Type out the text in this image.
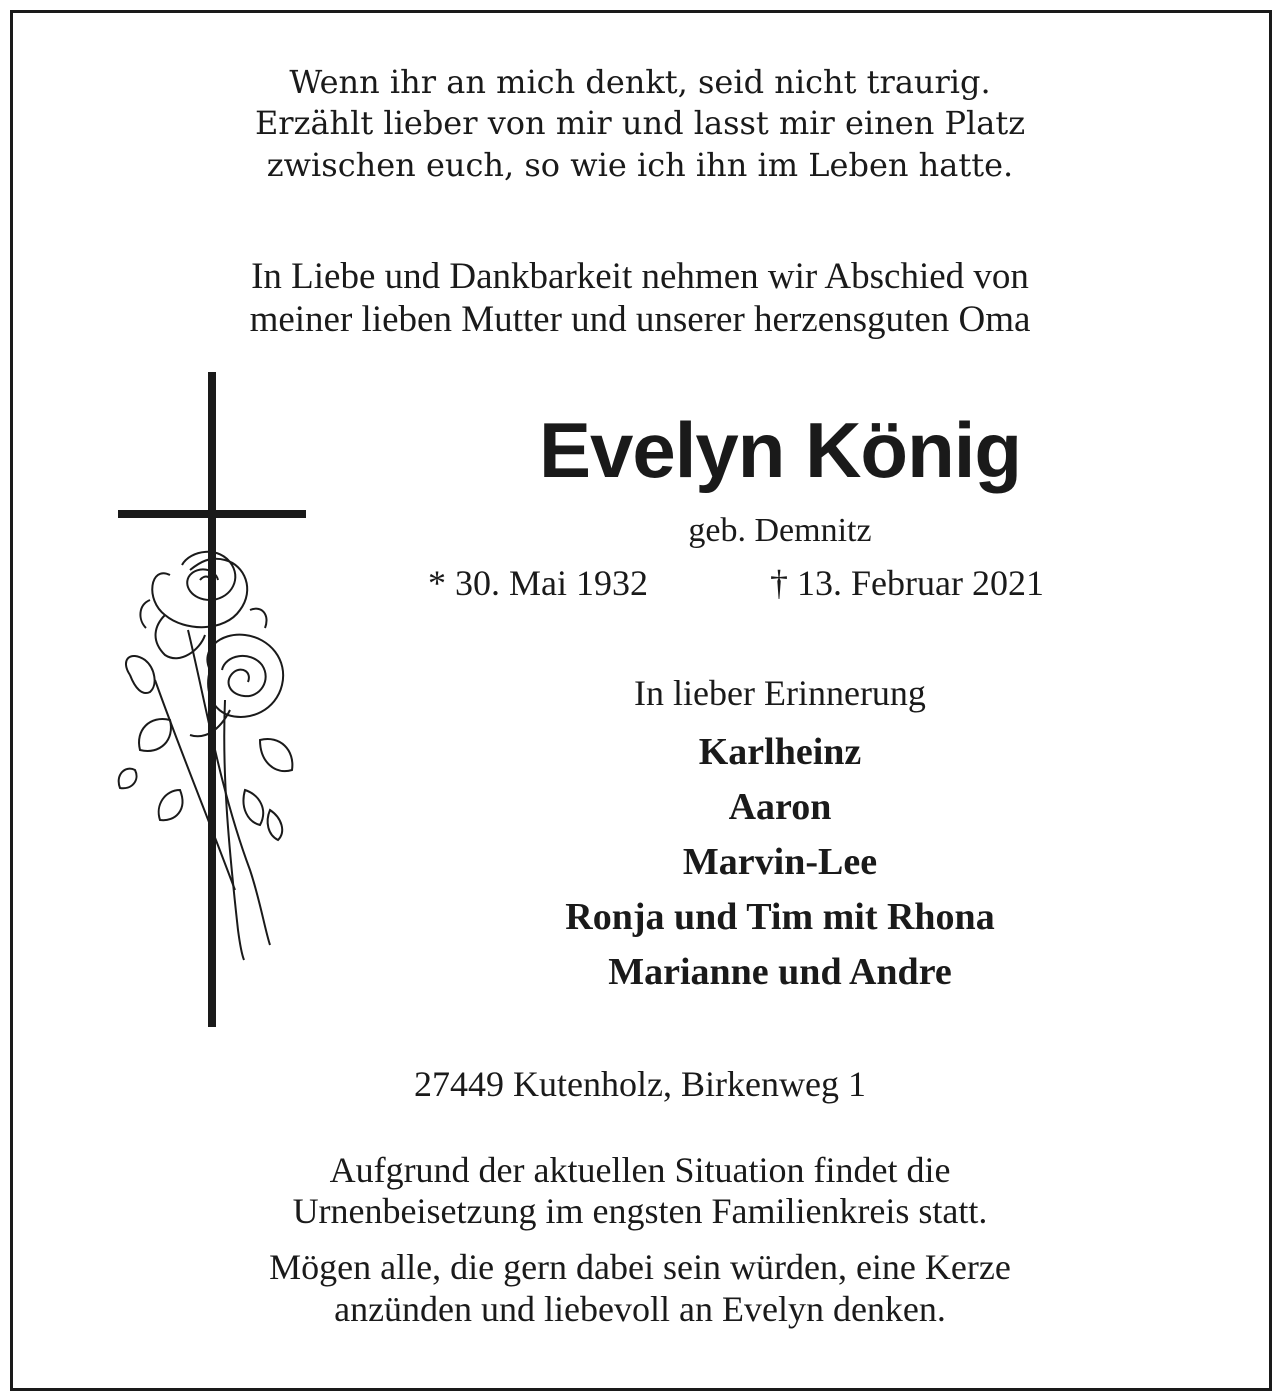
Wenn ihr an mich denkt, seid nicht traurig.
Erzählt lieber von mir und lasst mir einen Platz
zwischen euch, so wie ich ihn im Leben hatte.
In Liebe und Dankbarkeit nehmen wir Abschied von
meiner lieben Mutter und unserer herzensguten Oma
Evelyn König
geb. Demnitz
* 30. Mai 1932	† 13. Februar 2021
In lieber Erinnerung
Karlheinz
Aaron
Marvin-Lee
Ronja und Tim mit Rhona
Marianne und Andre
27449 Kutenholz, Birkenweg 1
Aufgrund der aktuellen Situation findet die
Urnenbeisetzung im engsten Familienkreis statt.
Mögen alle, die gern dabei sein würden, eine Kerze
anzünden und liebevoll an Evelyn denken.
